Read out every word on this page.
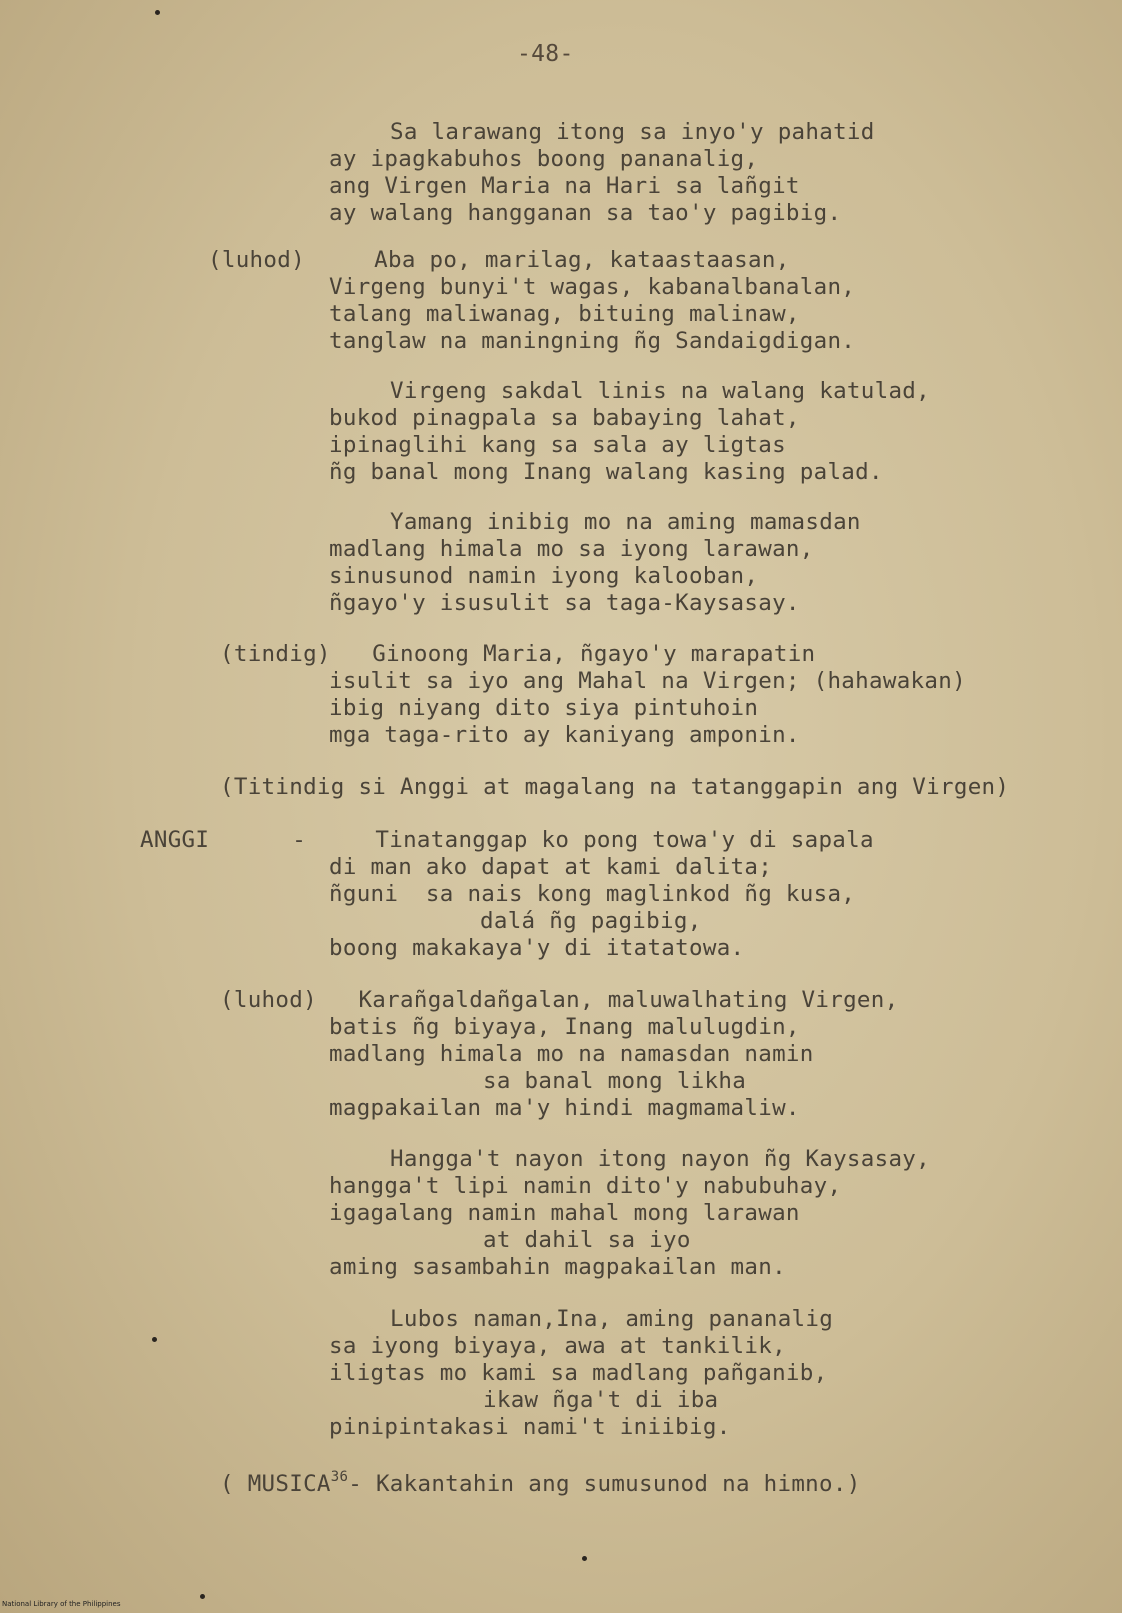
-48-

Sa larawang itong sa inyo'y pahatid

ay ipagkabuhos boong pananalig,

ang Virgen Maria na Hari sa lañgit

ay walang hangganan sa tao'y pagibig.

(luhod)     Aba po, marilag, kataastaasan,

Virgeng bunyi't wagas, kabanalbanalan,

talang maliwanag, bituing malinaw,

tanglaw na maningning ñg Sandaigdigan.

Virgeng sakdal linis na walang katulad,

bukod pinagpala sa babaying lahat,

ipinaglihi kang sa sala ay ligtas

ñg banal mong Inang walang kasing palad.

Yamang inibig mo na aming mamasdan

madlang himala mo sa iyong larawan,

sinusunod namin iyong kalooban,

ñgayo'y isusulit sa taga-Kaysasay.

(tindig)   Ginoong Maria, ñgayo'y marapatin

isulit sa iyo ang Mahal na Virgen; (hahawakan)

ibig niyang dito siya pintuhoin

mga taga-rito ay kaniyang amponin.

(Titindig si Anggi at magalang na tatanggapin ang Virgen)

ANGGI      -     Tinatanggap ko pong towa'y di sapala

di man ako dapat at kami dalita;

ñguni  sa nais kong maglinkod ñg kusa,

dalá ñg pagibig,

boong makakaya'y di itatatowa.

(luhod)   Karañgaldañgalan, maluwalhating Virgen,

batis ñg biyaya, Inang malulugdin,

madlang himala mo na namasdan namin

sa banal mong likha

magpakailan ma'y hindi magmamaliw.

Hangga't nayon itong nayon ñg Kaysasay,

hangga't lipi namin dito'y nabubuhay,

igagalang namin mahal mong larawan

at dahil sa iyo

aming sasambahin magpakailan man.

Lubos naman,Ina, aming pananalig

sa iyong biyaya, awa at tankilik,

iligtas mo kami sa madlang pañganib,

ikaw ñga't di iba

pinipintakasi nami't iniibig.

( MUSICA$^{36}$- Kakantahin ang sumusunod na himno.)

National Library of the Philippines
